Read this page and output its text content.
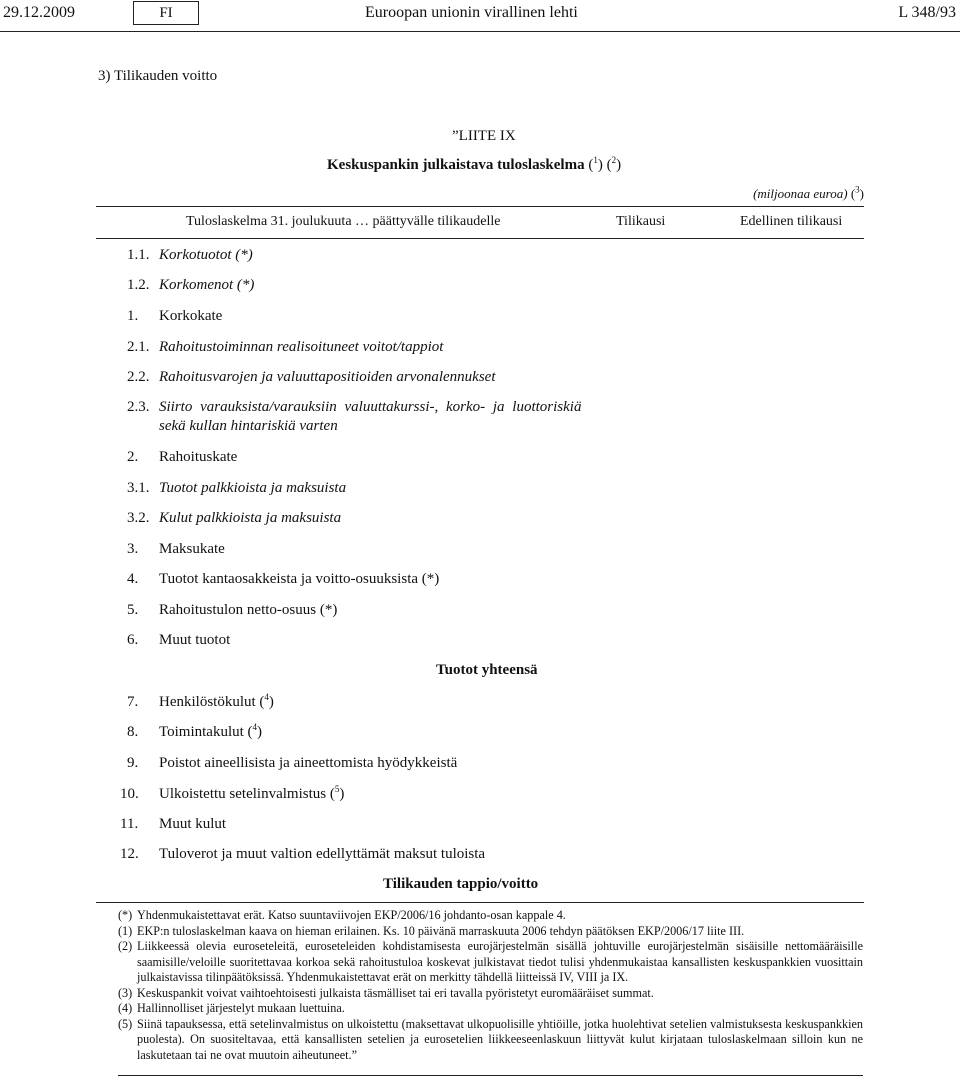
29.12.2009	FI	Euroopan unionin virallinen lehti	L 348/93
3) Tilikauden voitto
”LIITE IX
Keskuspankin julkaistava tuloslaskelma ($^1$) ($^2$)
(miljoonaa euroa) ($^3$)
Tuloslaskelma 31. joulukuuta … päättyvälle tilikaudelle	Tilikausi	Edellinen tilikausi
1.1. Korkotuotot (*)
1.2. Korkomenot (*)
1. Korkokate
2.1. Rahoitustoiminnan realisoituneet voitot/tappiot
2.2. Rahoitusvarojen ja valuuttapositioiden arvonalennukset
2.3. Siirto varauksista/varauksiin valuuttakurssi-, korko- ja luottoriskiä
sekä kullan hintariskiä varten
2. Rahoituskate
3.1. Tuotot palkkioista ja maksuista
3.2. Kulut palkkioista ja maksuista
3. Maksukate
4. Tuotot kantaosakkeista ja voitto-osuuksista (*)
5. Rahoitustulon netto-osuus (*)
6. Muut tuotot
Tuotot yhteensä
7. Henkilöstökulut ($^4$)
8. Toimintakulut ($^4$)
9. Poistot aineellisista ja aineettomista hyödykkeistä
10. Ulkoistettu setelinvalmistus ($^5$)
11. Muut kulut
12. Tuloverot ja muut valtion edellyttämät maksut tuloista
Tilikauden tappio/voitto
(*) Yhdenmukaistettavat erät. Katso suuntaviivojen EKP/2006/16 johdanto-osan kappale 4.
(1) EKP:n tuloslaskelman kaava on hieman erilainen. Ks. 10 päivänä marraskuuta 2006 tehdyn päätöksen EKP/2006/17 liite III.
(2) Liikkeessä olevia euroseteleitä, euroseteleiden kohdistamisesta eurojärjestelmän sisällä johtuville eurojärjestelmän sisäisille nettomääräisille saamisille/veloille suoritettavaa korkoa sekä rahoitustuloa koskevat julkistavat tiedot tulisi yhdenmukaistaa kansallisten keskuspankkien vuosittain julkaistavissa tilinpäätöksissä. Yhdenmukaistettavat erät on merkitty tähdellä liitteissä IV, VIII ja IX.
(3) Keskuspankit voivat vaihtoehtoisesti julkaista täsmälliset tai eri tavalla pyöristetyt euromääräiset summat.
(4) Hallinnolliset järjestelyt mukaan luettuina.
(5) Siinä tapauksessa, että setelinvalmistus on ulkoistettu (maksettavat ulkopuolisille yhtiöille, jotka huolehtivat setelien valmistuksesta keskuspankkien puolesta). On suositeltavaa, että kansallisten setelien ja eurosetelien liikkeeseenlaskuun liittyvät kulut kirjataan tuloslaskelmaan silloin kun ne laskutetaan tai ne ovat muutoin aiheutuneet.”
